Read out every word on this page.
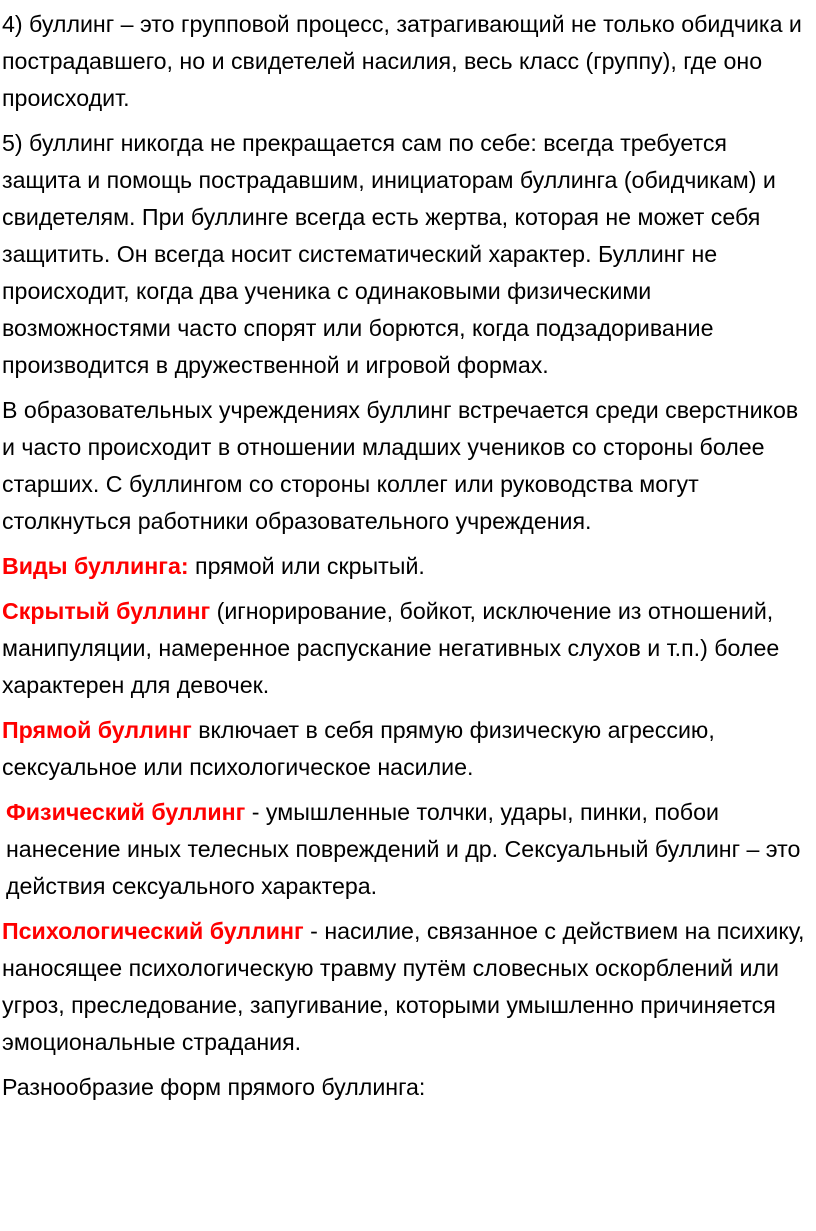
4) буллинг – это групповой процесс, затрагивающий не только обидчика и пострадавшего, но и свидетелей насилия, весь класс (группу), где оно происходит.

5) буллинг никогда не прекращается сам по себе: всегда требуется защита и помощь пострадавшим, инициаторам буллинга (обидчикам) и свидетелям. При буллинге всегда есть жертва, которая не может себя защитить. Он всегда носит систематический характер. Буллинг не происходит, когда два ученика с одинаковыми физическими возможностями часто спорят или борются, когда подзадоривание производится в дружественной и игровой формах.

В образовательных учреждениях буллинг встречается среди сверстников и часто происходит в отношении младших учеников со стороны более старших. С буллингом со стороны коллег или руководства могут столкнуться работники образовательного учреждения.

Виды буллинга: прямой или скрытый.

Скрытый буллинг (игнорирование, бойкот, исключение из отношений, манипуляции, намеренное распускание негативных слухов и т.п.) более характерен для девочек.

Прямой буллинг включает в себя прямую физическую агрессию, сексуальное или психологическое насилие.

Физический буллинг - умышленные толчки, удары, пинки, побои нанесение иных телесных повреждений и др. Сексуальный буллинг – это действия сексуального характера.

Психологический буллинг - насилие, связанное с действием на психику, наносящее психологическую травму путём словесных оскорблений или угроз, преследование, запугивание, которыми умышленно причиняется эмоциональные страдания.

Разнообразие форм прямого буллинга:
